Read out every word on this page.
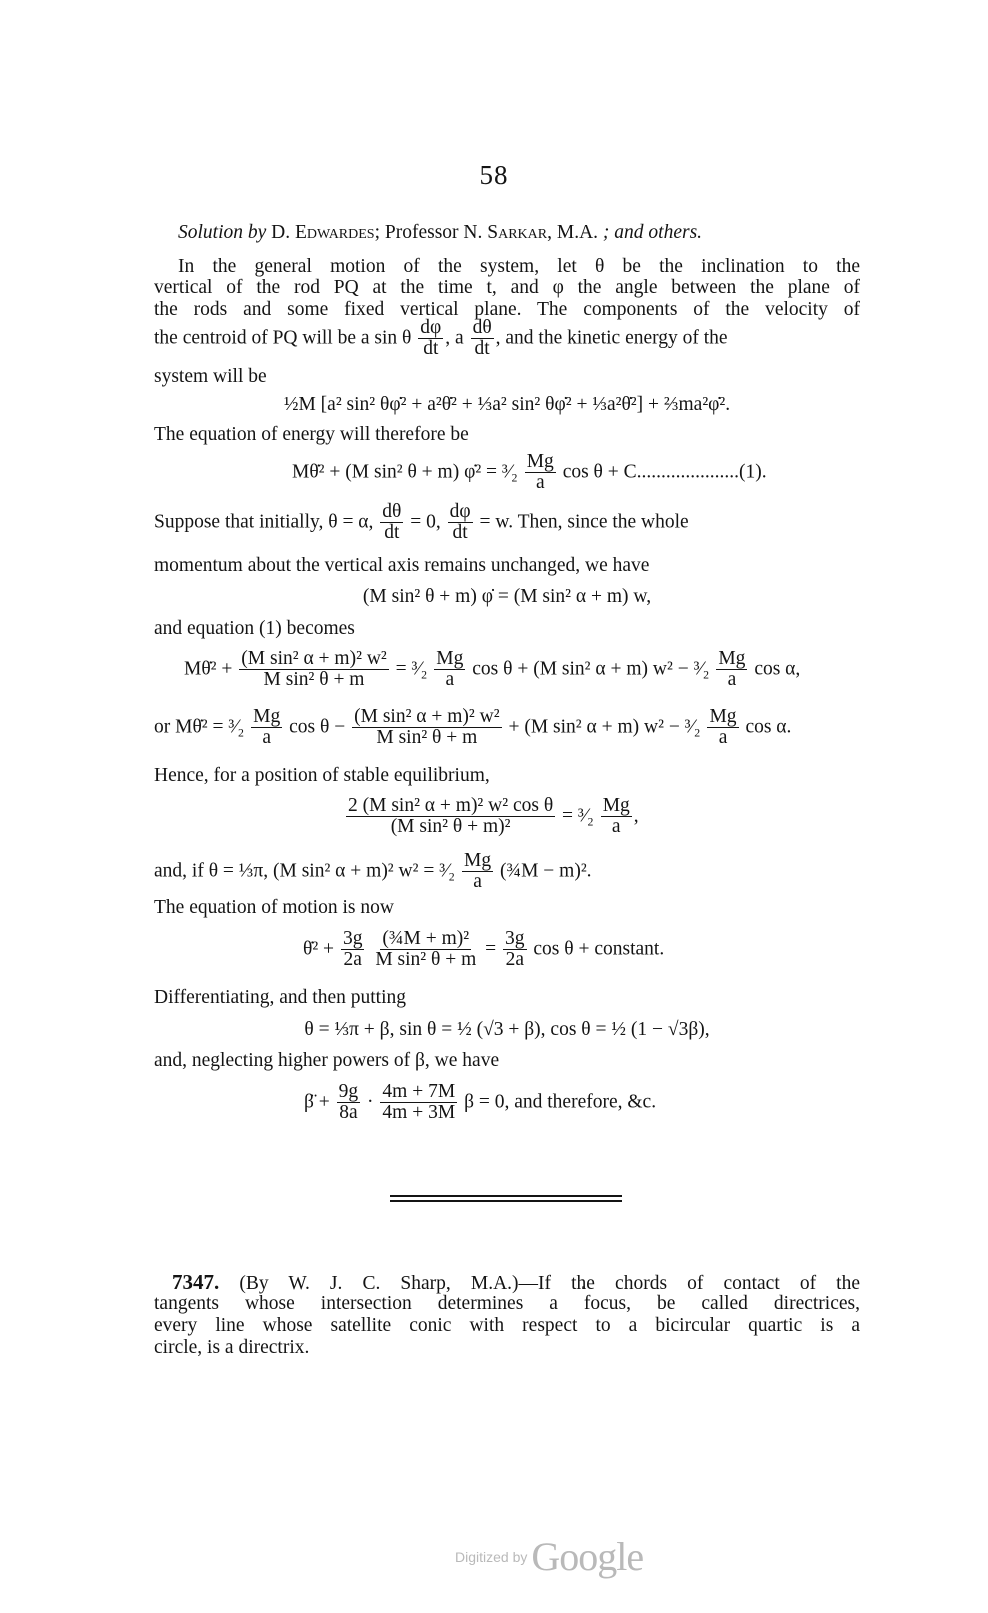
58
Solution by D. Edwardes; Professor N. Sarkar, M.A. ; and others.
In the general motion of the system, let θ be the inclination to the
vertical of the rod PQ at the time t, and φ the angle between the plane of
the rods and some fixed vertical plane. The components of the velocity of
the centroid of PQ will be a sin θ $\frac{d\varphi}{dt}$ , a $\frac{d\theta}{dt}$ , and the kinetic energy of the
system will be
½M [a² sin² θφ̇² + a²θ̇² + ⅓a² sin² θφ̇² + ⅓a²θ̇²] + ⅔ma²φ̇².
The equation of energy will therefore be
Mθ̇² + (M sin² θ + m) φ̇² = ³⁄₂ $\frac{Mg}{a}$ cos θ + C.....................(1).
Suppose that initially, θ = α, $\frac{d\theta}{dt} = 0$, $\frac{d\varphi}{dt} = w$. Then, since the whole
momentum about the vertical axis remains unchanged, we have
(M sin² θ + m) φ̇ = (M sin² α + m) w,
and equation (1) becomes
Mθ̇² + $\frac{\text{(M sin² α + m)² w²}}{\text{M sin² θ + m}}$ = ³⁄₂ $\frac{Mg}{a}$ cos θ + (M sin² α + m) w² − ³⁄₂ $\frac{Mg}{a}$ cos α,
or Mθ̇² = ³⁄₂ $\frac{Mg}{a}$ $\cos \theta - \frac{\text{(M sin² α + m)² w²}}{\text{M sin² θ + m}} + (M$ sin² α + m) w² − ³⁄₂ $\frac{Mg}{a}$ cos α.
Hence, for a position of stable equilibrium,
$\frac{\text{2 (M sin² α + m)² w² cos θ}}{\text{(M sin² θ + m)²}}$ = ³⁄₂ $\frac{Mg}{a}$ ,
and, if θ = ⅓π, (M sin² α + m)² w² = ³⁄₂ $\frac{Mg}{a}$ (¾M − m)².
The equation of motion is now
θ̇² + $\frac{3g}{2a}$
$\frac{\text{(¾M + m)²}}{\text{M sin² θ + m}} = \frac{3g}{2a}$ cos θ + constant.
Differentiating, and then putting
θ = ⅓π + β, sin θ = ½ (√3 + β), cos θ = ½ (1 − √3β),
and, neglecting higher powers of β, we have
β̈ + $\frac{9g}{8a} \cdot \frac{4m + 7M}{4m + 3M}$ β = 0, and therefore, &c.
7347. (By W. J. C. Sharp, M.A.)—If the chords of contact of the
tangents whose intersection determines a focus, be called directrices,
every line whose satellite conic with respect to a bicircular quartic is a
circle, is a directrix.
Digitized by Google
